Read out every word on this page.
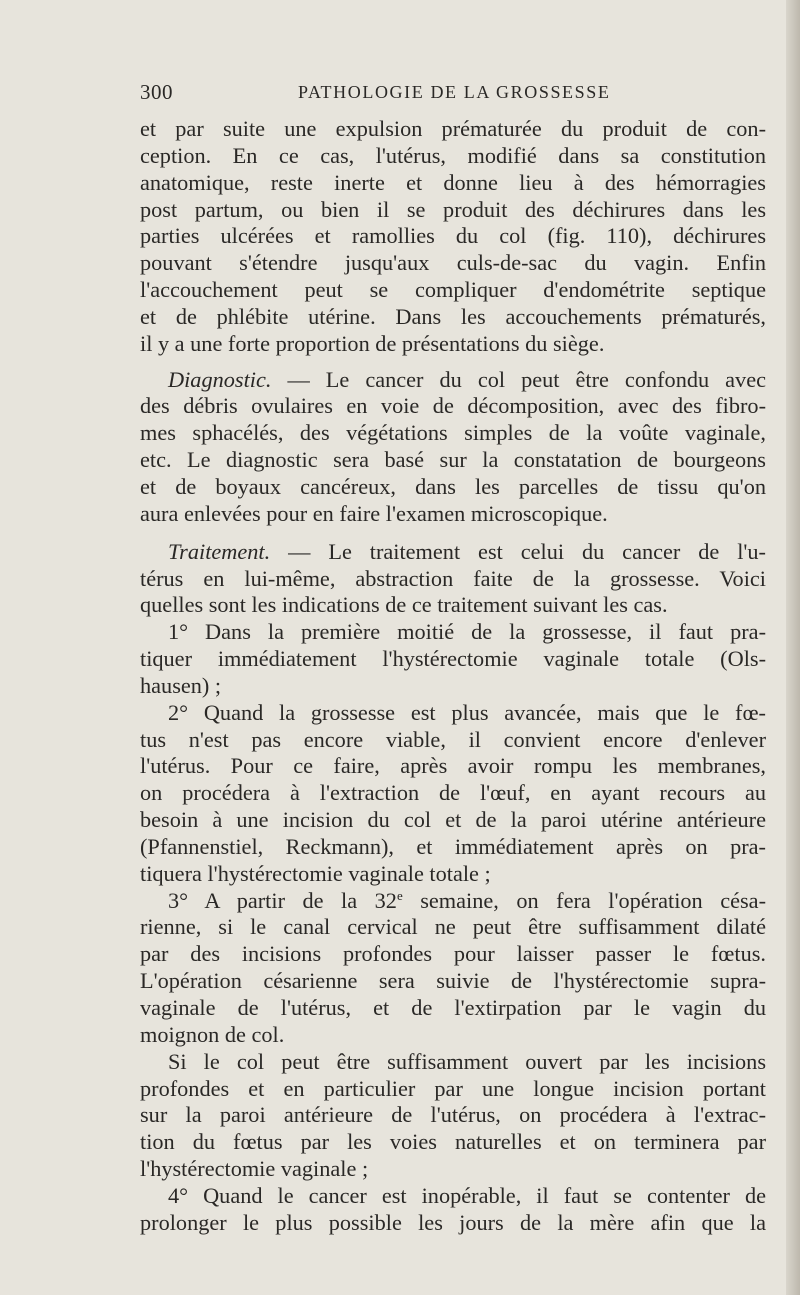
300	PATHOLOGIE DE LA GROSSESSE
et par suite une expulsion prématurée du produit de con-
ception. En ce cas, l'utérus, modifié dans sa constitution
anatomique, reste inerte et donne lieu à des hémorragies
post partum, ou bien il se produit des déchirures dans les
parties ulcérées et ramollies du col (fig. 110), déchirures
pouvant s'étendre jusqu'aux culs-de-sac du vagin. Enfin
l'accouchement peut se compliquer d'endométrite septique
et de phlébite utérine. Dans les accouchements prématurés,
il y a une forte proportion de présentations du siège.
Diagnostic. — Le cancer du col peut être confondu avec
des débris ovulaires en voie de décomposition, avec des fibro-
mes sphacélés, des végétations simples de la voûte vaginale,
etc. Le diagnostic sera basé sur la constatation de bourgeons
et de boyaux cancéreux, dans les parcelles de tissu qu'on
aura enlevées pour en faire l'examen microscopique.
Traitement. — Le traitement est celui du cancer de l'u-
térus en lui-même, abstraction faite de la grossesse. Voici
quelles sont les indications de ce traitement suivant les cas.
1° Dans la première moitié de la grossesse, il faut pra-
tiquer immédiatement l'hystérectomie vaginale totale (Ols-
hausen) ;
2° Quand la grossesse est plus avancée, mais que le fœ-
tus n'est pas encore viable, il convient encore d'enlever
l'utérus. Pour ce faire, après avoir rompu les membranes,
on procédera à l'extraction de l'œuf, en ayant recours au
besoin à une incision du col et de la paroi utérine antérieure
(Pfannenstiel, Reckmann), et immédiatement après on pra-
tiquera l'hystérectomie vaginale totale ;
3° A partir de la 32e semaine, on fera l'opération césa-
rienne, si le canal cervical ne peut être suffisamment dilaté
par des incisions profondes pour laisser passer le fœtus.
L'opération césarienne sera suivie de l'hystérectomie supra-
vaginale de l'utérus, et de l'extirpation par le vagin du
moignon de col.
Si le col peut être suffisamment ouvert par les incisions
profondes et en particulier par une longue incision portant
sur la paroi antérieure de l'utérus, on procédera à l'extrac-
tion du fœtus par les voies naturelles et on terminera par
l'hystérectomie vaginale ;
4° Quand le cancer est inopérable, il faut se contenter de
prolonger le plus possible les jours de la mère afin que la
